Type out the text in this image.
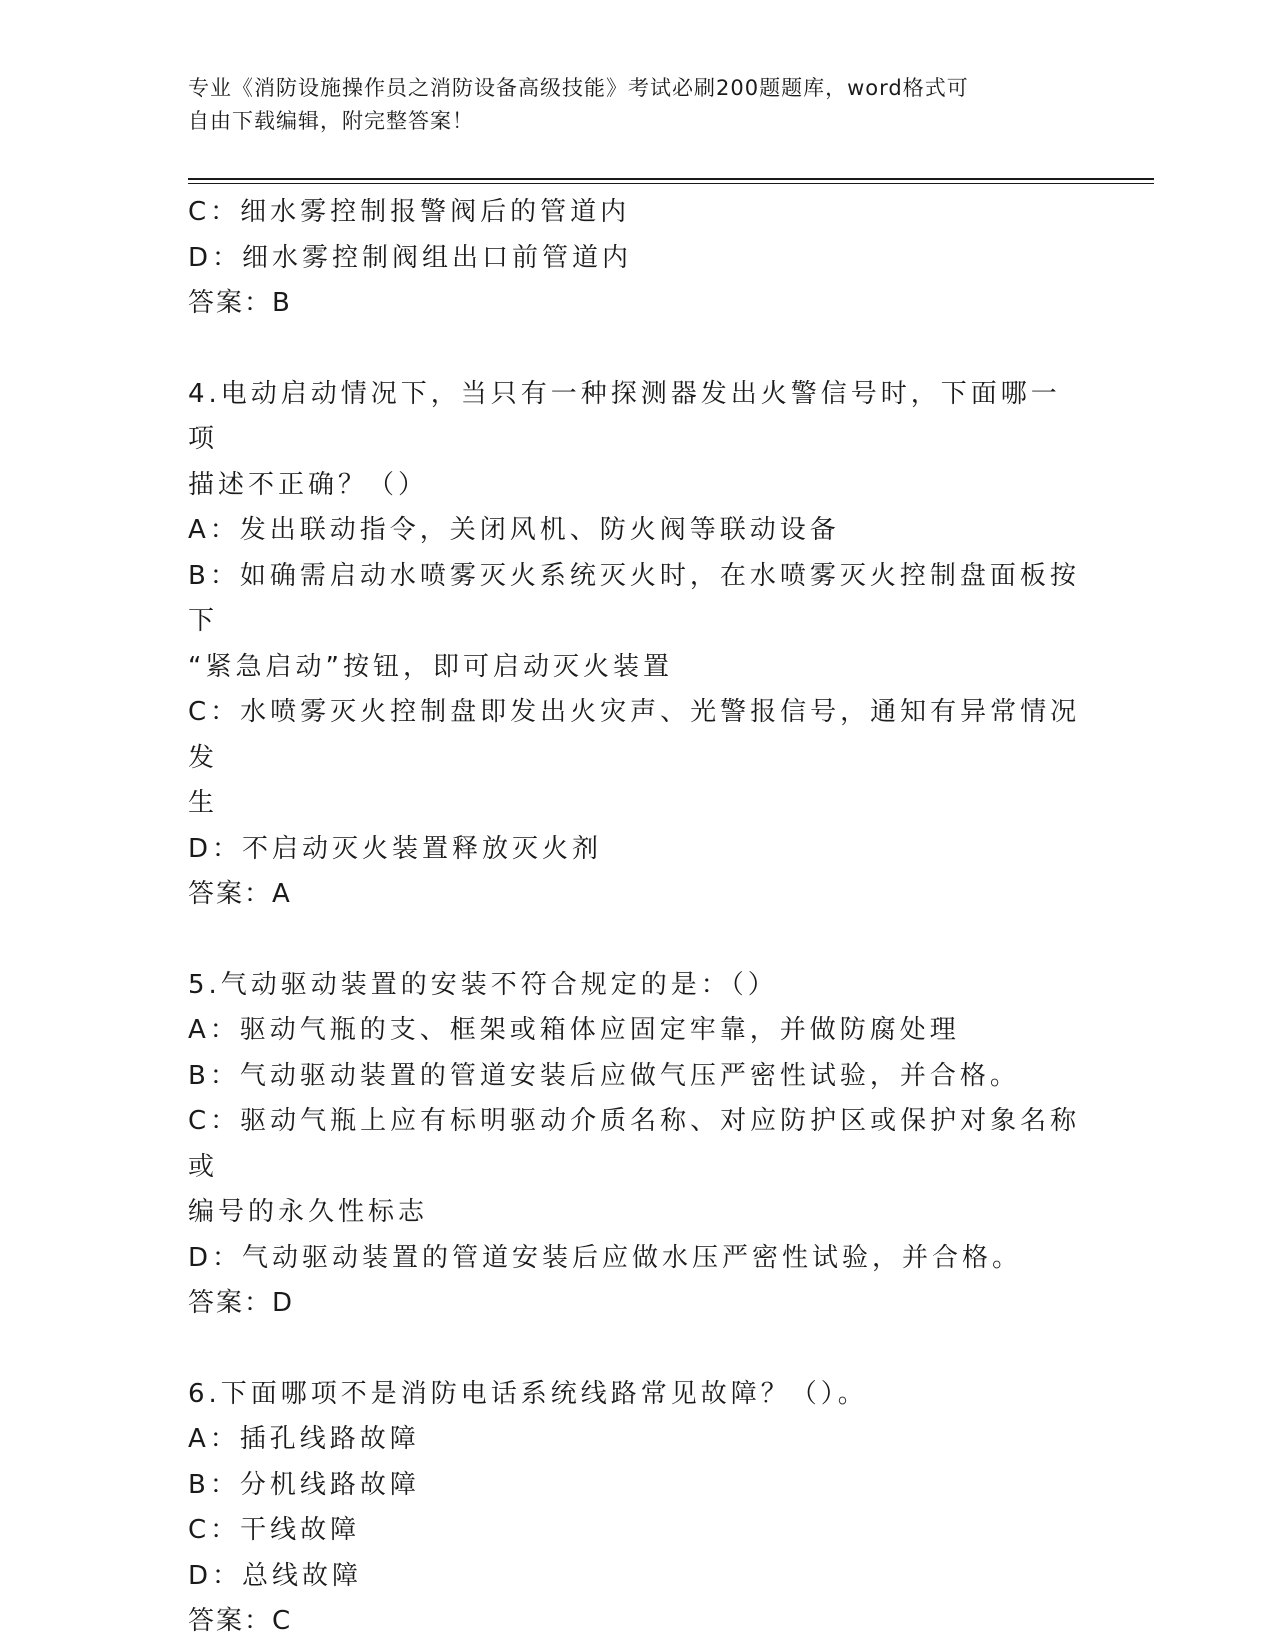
专业《消防设施操作员之消防设备高级技能》考试必刷200题题库，word格式可
自由下载编辑，附完整答案！
C：细水雾控制报警阀后的管道内
D：细水雾控制阀组出口前管道内
答案：B
4.电动启动情况下，当只有一种探测器发出火警信号时，下面哪一项
描述不正确？（）
A：发出联动指令，关闭风机、防火阀等联动设备
B：如确需启动水喷雾灭火系统灭火时，在水喷雾灭火控制盘面板按下
“紧急启动”按钮，即可启动灭火装置
C：水喷雾灭火控制盘即发出火灾声、光警报信号，通知有异常情况发
生
D：不启动灭火装置释放灭火剂
答案：A
5.气动驱动装置的安装不符合规定的是：（）
A：驱动气瓶的支、框架或箱体应固定牢靠，并做防腐处理
B：气动驱动装置的管道安装后应做气压严密性试验，并合格。
C：驱动气瓶上应有标明驱动介质名称、对应防护区或保护对象名称或
编号的永久性标志
D：气动驱动装置的管道安装后应做水压严密性试验，并合格。
答案：D
6.下面哪项不是消防电话系统线路常见故障？（）。
A：插孔线路故障
B：分机线路故障
C：干线故障
D：总线故障
答案：C
